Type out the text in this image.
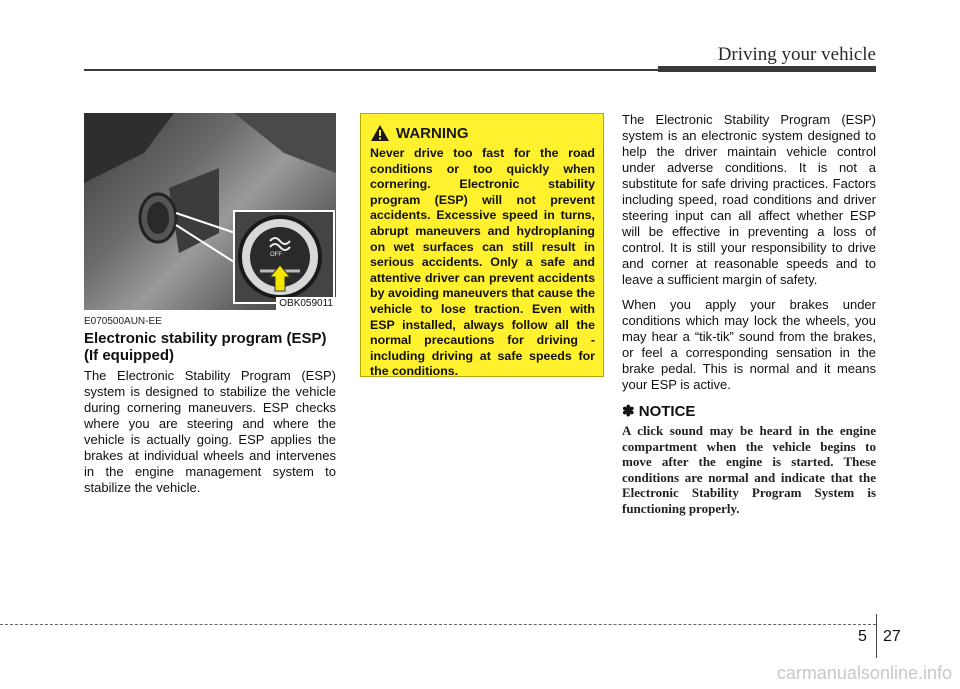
Driving your vehicle
OFF
OBK059011
E070500AUN-EE
Electronic stability program (ESP) (If equipped)

The Electronic Stability Program (ESP) system is designed to stabilize the vehicle during cornering maneuvers. ESP checks where you are steering and where the vehicle is actually going. ESP applies the brakes at individual wheels and intervenes in the engine management system to stabilize the vehicle.

WARNING

Never drive too fast for the road conditions or too quickly when cornering. Electronic stability program (ESP) will not prevent accidents. Excessive speed in turns, abrupt maneuvers and hydroplaning on wet surfaces can still result in serious accidents. Only a safe and attentive driver can prevent accidents by avoiding maneuvers that cause the vehicle to lose traction. Even with ESP installed, always follow all the normal precautions for driving - including driving at safe speeds for the conditions.

The Electronic Stability Program (ESP) system is an electronic system designed to help the driver maintain vehicle control under adverse conditions. It is not a substitute for safe driving practices. Factors including speed, road conditions and driver steering input can all affect whether ESP will be effective in preventing a loss of control. It is still your responsibility to drive and corner at reasonable speeds and to leave a sufficient margin of safety.

When you apply your brakes under conditions which may lock the wheels, you may hear a “tik-tik” sound from the brakes, or feel a corresponding sensation in the brake pedal. This is normal and it means your ESP is active.

✽ NOTICE

A click sound may be heard in the engine compartment when the vehicle begins to move after the engine is started. These conditions are normal and indicate that the Electronic Stability Program System is functioning properly.

5 27
carmanualsonline.info
